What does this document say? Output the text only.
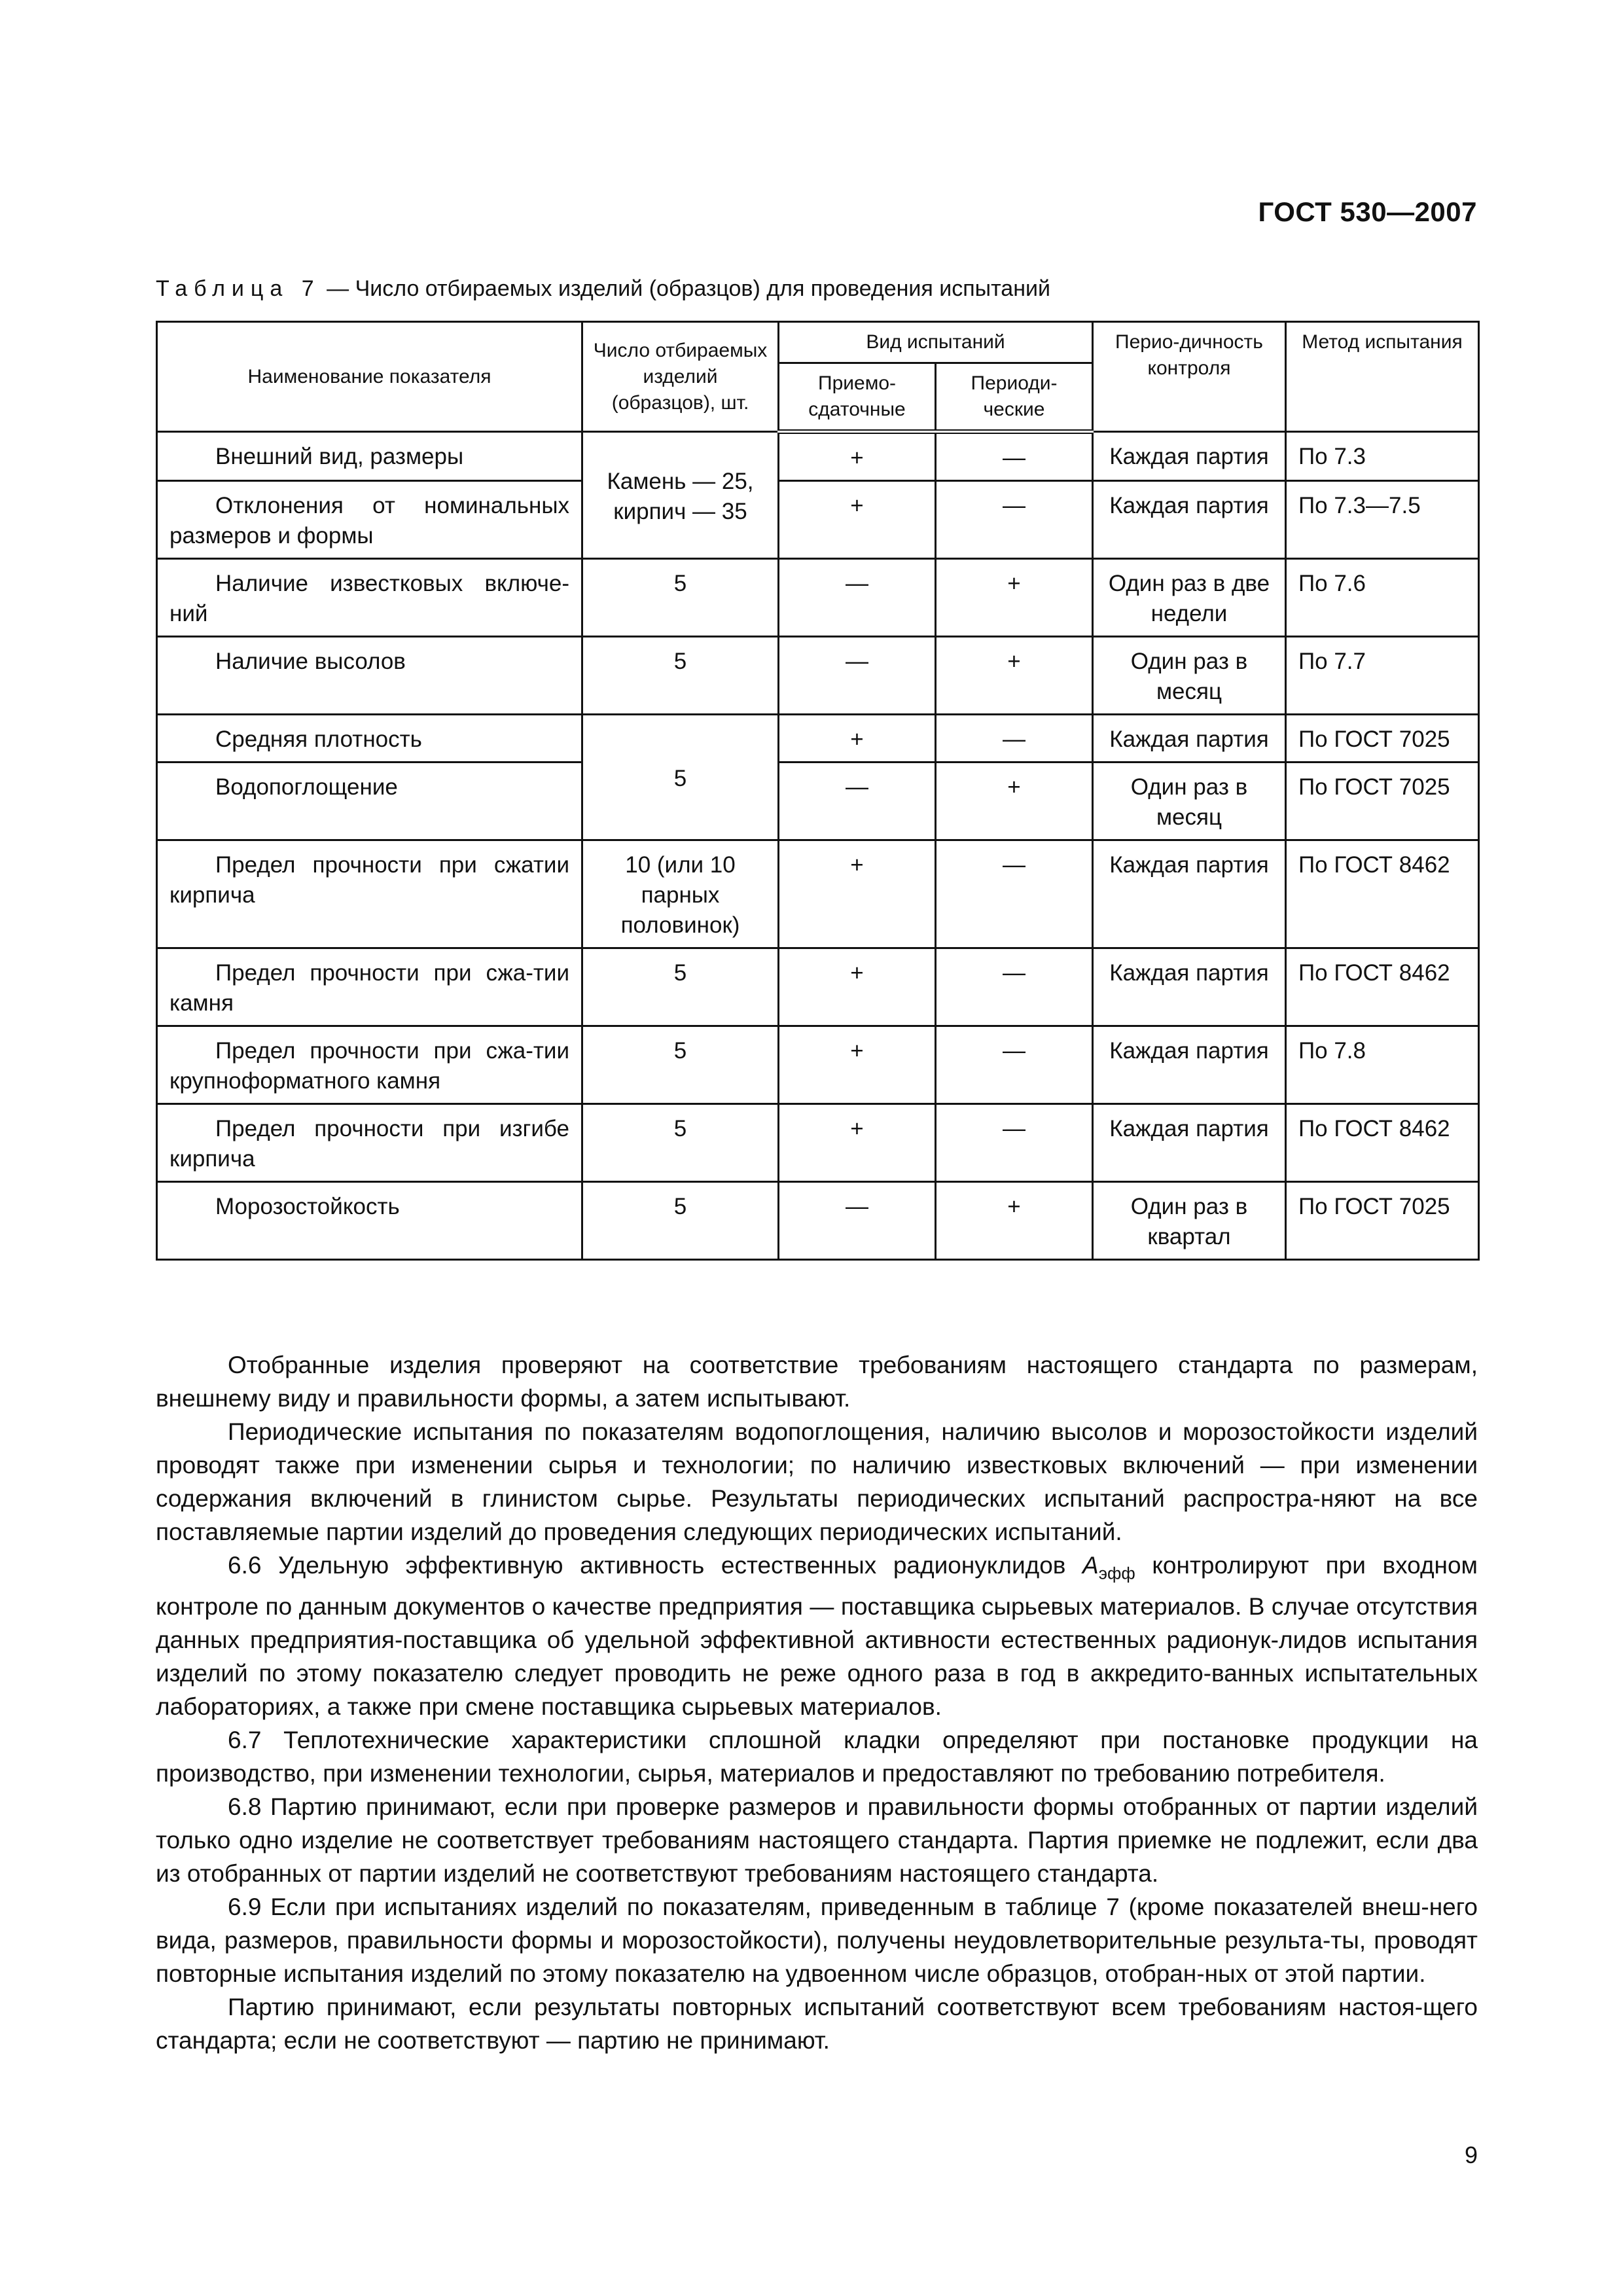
ГОСТ 530—2007
Таблица 7 — Число отбираемых изделий (образцов) для проведения испытаний
Наименование показателя	Число отбираемых изделий (образцов), шт.	Вид испытаний		Перио-дичность контроля	Метод испытания
		Приемо-сдаточные	Периоди-ческие		
Внешний вид, размеры	Камень — 25, кирпич — 35	+	—	Каждая партия	По 7.3
Отклонения от номинальных размеров и формы		+	—	Каждая партия	По 7.3—7.5
Наличие известковых включе-ний	5	—	+	Один раз в две недели	По 7.6
Наличие высолов	5	—	+	Один раз в месяц	По 7.7
Средняя плотность	5	+	—	Каждая партия	По ГОСТ 7025
Водопоглощение		—	+	Один раз в месяц	По ГОСТ 7025
Предел прочности при сжатии кирпича	10 (или 10 парных половинок)	+	—	Каждая партия	По ГОСТ 8462
Предел прочности при сжа-тии камня	5	+	—	Каждая партия	По ГОСТ 8462
Предел прочности при сжа-тии крупноформатного камня	5	+	—	Каждая партия	По 7.8
Предел прочности при изгибе кирпича	5	+	—	Каждая партия	По ГОСТ 8462
Морозостойкость	5	—	+	Один раз в квартал	По ГОСТ 7025

Отобранные изделия проверяют на соответствие требованиям настоящего стандарта по размерам, внешнему виду и правильности формы, а затем испытывают.

Периодические испытания по показателям водопоглощения, наличию высолов и морозостойкости изделий проводят также при изменении сырья и технологии; по наличию известковых включений — при изменении содержания включений в глинистом сырье. Результаты периодических испытаний распростра-няют на все поставляемые партии изделий до проведения следующих периодических испытаний.

6.6 Удельную эффективную активность естественных радионуклидов $A_{эфф}$ контролируют при входном контроле по данным документов о качестве предприятия — поставщика сырьевых материалов. В случае отсутствия данных предприятия-поставщика об удельной эффективной активности естественных радионук-лидов испытания изделий по этому показателю следует проводить не реже одного раза в год в аккредито-ванных испытательных лабораториях, а также при смене поставщика сырьевых материалов.

6.7 Теплотехнические характеристики сплошной кладки определяют при постановке продукции на производство, при изменении технологии, сырья, материалов и предоставляют по требованию потребителя.

6.8 Партию принимают, если при проверке размеров и правильности формы отобранных от партии изделий только одно изделие не соответствует требованиям настоящего стандарта. Партия приемке не подлежит, если два из отобранных от партии изделий не соответствуют требованиям настоящего стандарта.

6.9 Если при испытаниях изделий по показателям, приведенным в таблице 7 (кроме показателей внеш-него вида, размеров, правильности формы и морозостойкости), получены неудовлетворительные результа-ты, проводят повторные испытания изделий по этому показателю на удвоенном числе образцов, отобран-ных от этой партии.

Партию принимают, если результаты повторных испытаний соответствуют всем требованиям настоя-щего стандарта; если не соответствуют — партию не принимают.

9
